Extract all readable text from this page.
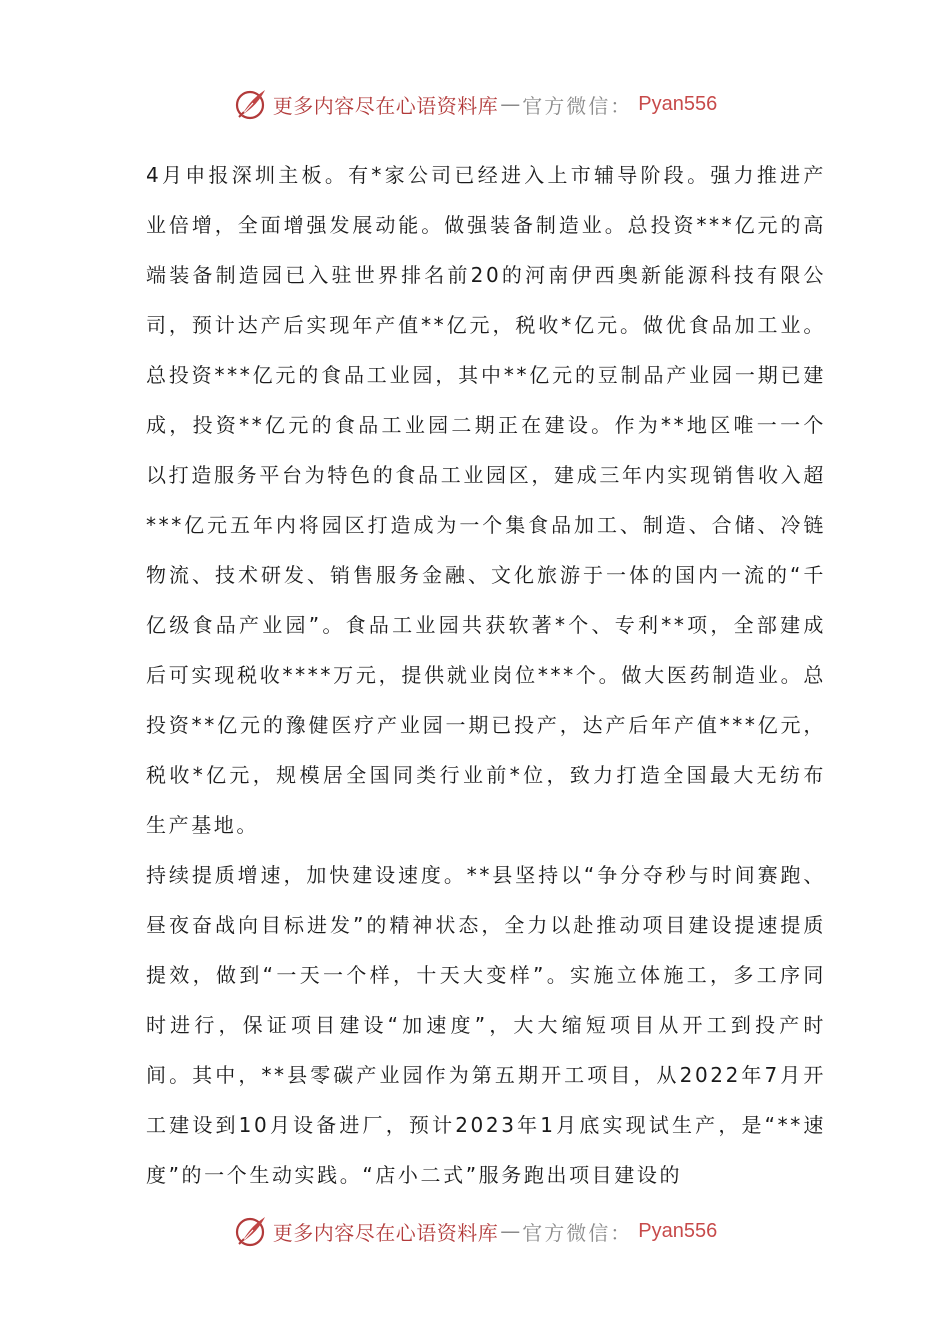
更多内容尽在心语资料库 — 官方微信： Pyan556

4月申报深圳主板。有*家公司已经进入上市辅导阶段。强力推进产业倍增，全面增强发展动能。做强装备制造业。总投资***亿元的高端装备制造园已入驻世界排名前20的河南伊西奥新能源科技有限公司，预计达产后实现年产值**亿元，税收*亿元。做优食品加工业。总投资***亿元的食品工业园，其中**亿元的豆制品产业园一期已建成，投资**亿元的食品工业园二期正在建设。作为**地区唯一一个以打造服务平台为特色的食品工业园区，建成三年内实现销售收入超***亿元五年内将园区打造成为一个集食品加工、制造、合储、冷链物流、技术研发、销售服务金融、文化旅游于一体的国内一流的“千亿级食品产业园”。食品工业园共获软著*个、专利**项，全部建成后可实现税收****万元，提供就业岗位***个。做大医药制造业。总投资**亿元的豫健医疗产业园一期已投产，达产后年产值***亿元，税收*亿元，规模居全国同类行业前*位，致力打造全国最大无纺布生产基地。

持续提质增速，加快建设速度。**县坚持以“争分夺秒与时间赛跑、昼夜奋战向目标进发”的精神状态，全力以赴推动项目建设提速提质提效，做到“一天一个样，十天大变样”。实施立体施工，多工序同时进行，保证项目建设“加速度”，大大缩短项目从开工到投产时间。其中，**县零碳产业园作为第五期开工项目，从2022年7月开工建设到10月设备进厂，预计2023年1月底实现试生产，是“**速度”的一个生动实践。“店小二式”服务跑出项目建设的

更多内容尽在心语资料库 — 官方微信： Pyan556
